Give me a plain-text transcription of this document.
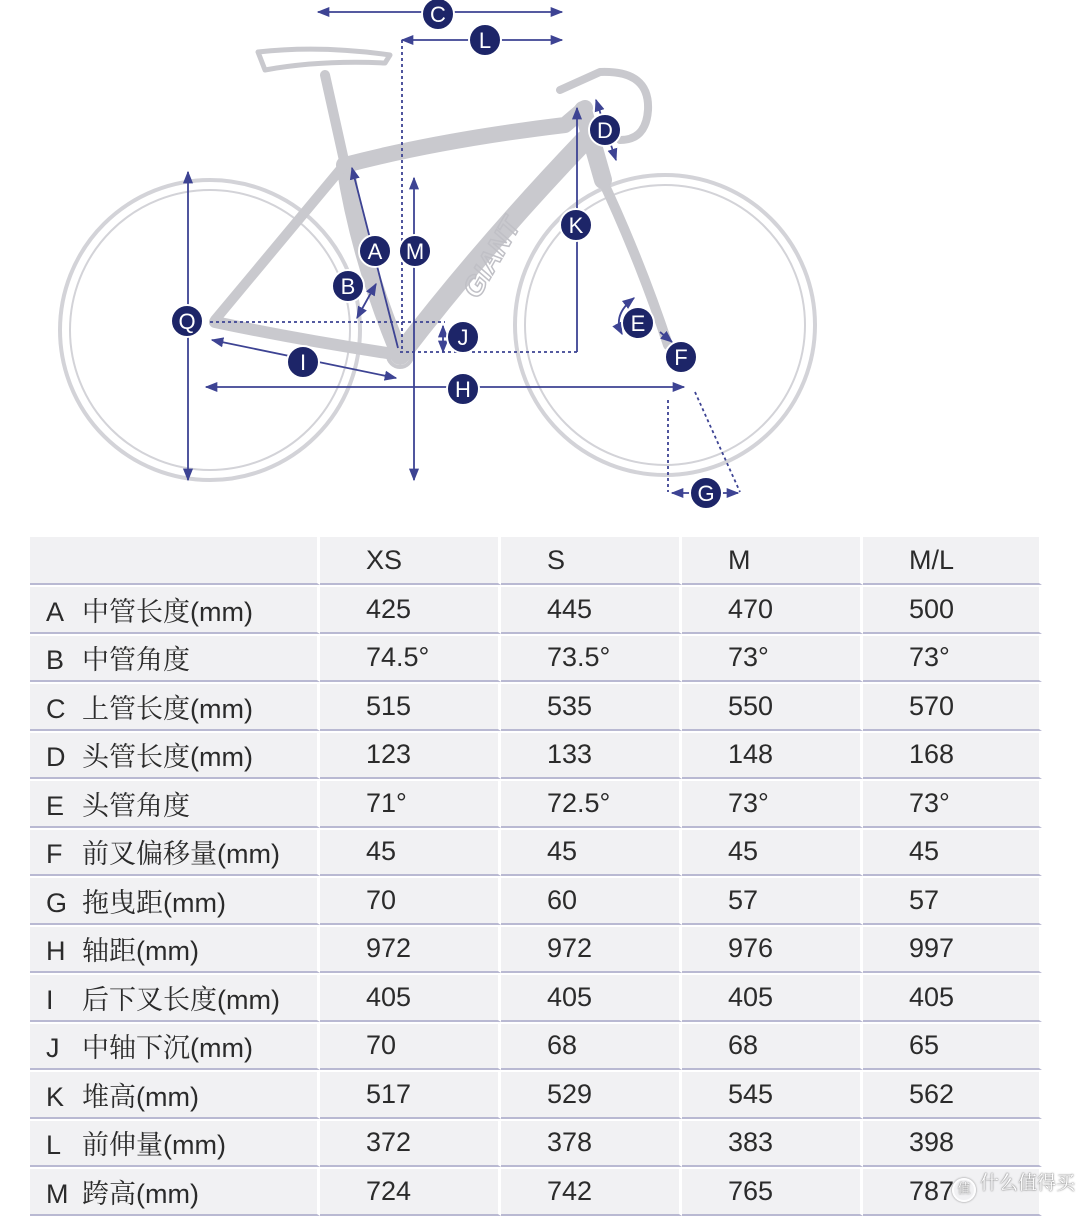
GIANT
C
L
D
K
A M
B
Q
J
E
F
I
H
G
	XS	S	M	M/L
A 中管长度(mm)	425	445	470	500
B 中管角度	74.5°	73.5°	73°	73°
C 上管长度(mm)	515	535	550	570
D 头管长度(mm)	123	133	148	168
E 头管角度	71°	72.5°	73°	73°
F 前叉偏移量(mm)	45	45	45	45
G 拖曳距(mm)	70	60	57	57
H 轴距(mm)	972	972	976	997
I 后下叉长度(mm)	405	405	405	405
J 中轴下沉(mm)	70	68	68	65
K 堆高(mm)	517	529	545	562
L 前伸量(mm)	372	378	383	398
M 跨高(mm)	724	742	765	787 值 什么值得买
